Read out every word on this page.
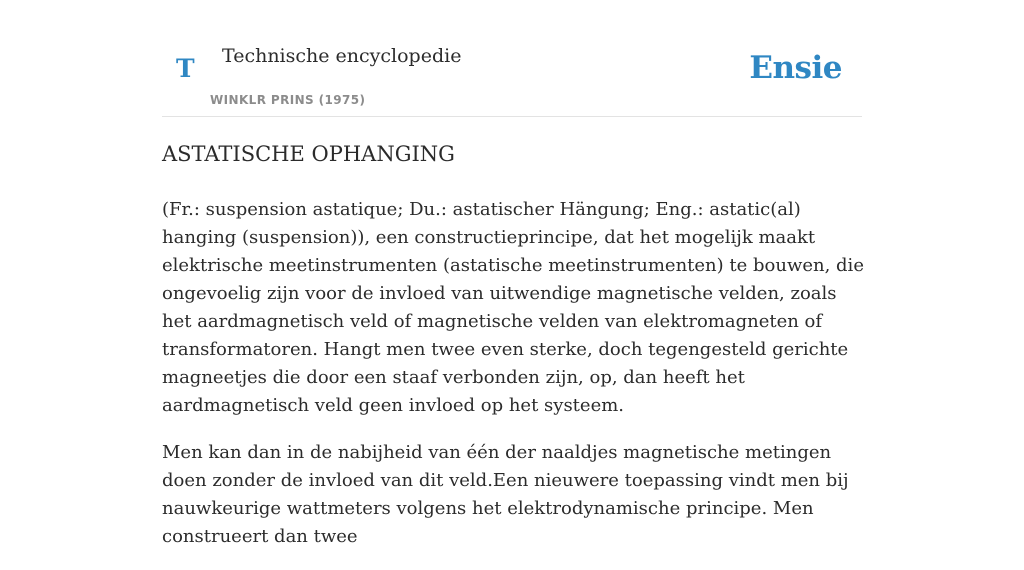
T Technische encyclopedie
WINKLR PRINS (1975)
Ensie
ASTATISCHE OPHANGING

(Fr.: suspension astatique; Du.: astatischer Hängung; Eng.: astatic(al) hanging (suspension)), een constructieprincipe, dat het mogelijk maakt elektrische meetinstrumenten (astatische meetinstrumenten) te bouwen, die ongevoelig zijn voor de invloed van uitwendige magnetische velden, zoals het aardmagnetisch veld of magnetische velden van elektromagneten of transformatoren. Hangt men twee even sterke, doch tegengesteld gerichte magneetjes die door een staaf verbonden zijn, op, dan heeft het aardmagnetisch veld geen invloed op het systeem.

Men kan dan in de nabijheid van één der naaldjes magnetische metingen doen zonder de invloed van dit veld.Een nieuwere toepassing vindt men bij nauwkeurige wattmeters volgens het elektrodynamische principe. Men construeert dan twee
